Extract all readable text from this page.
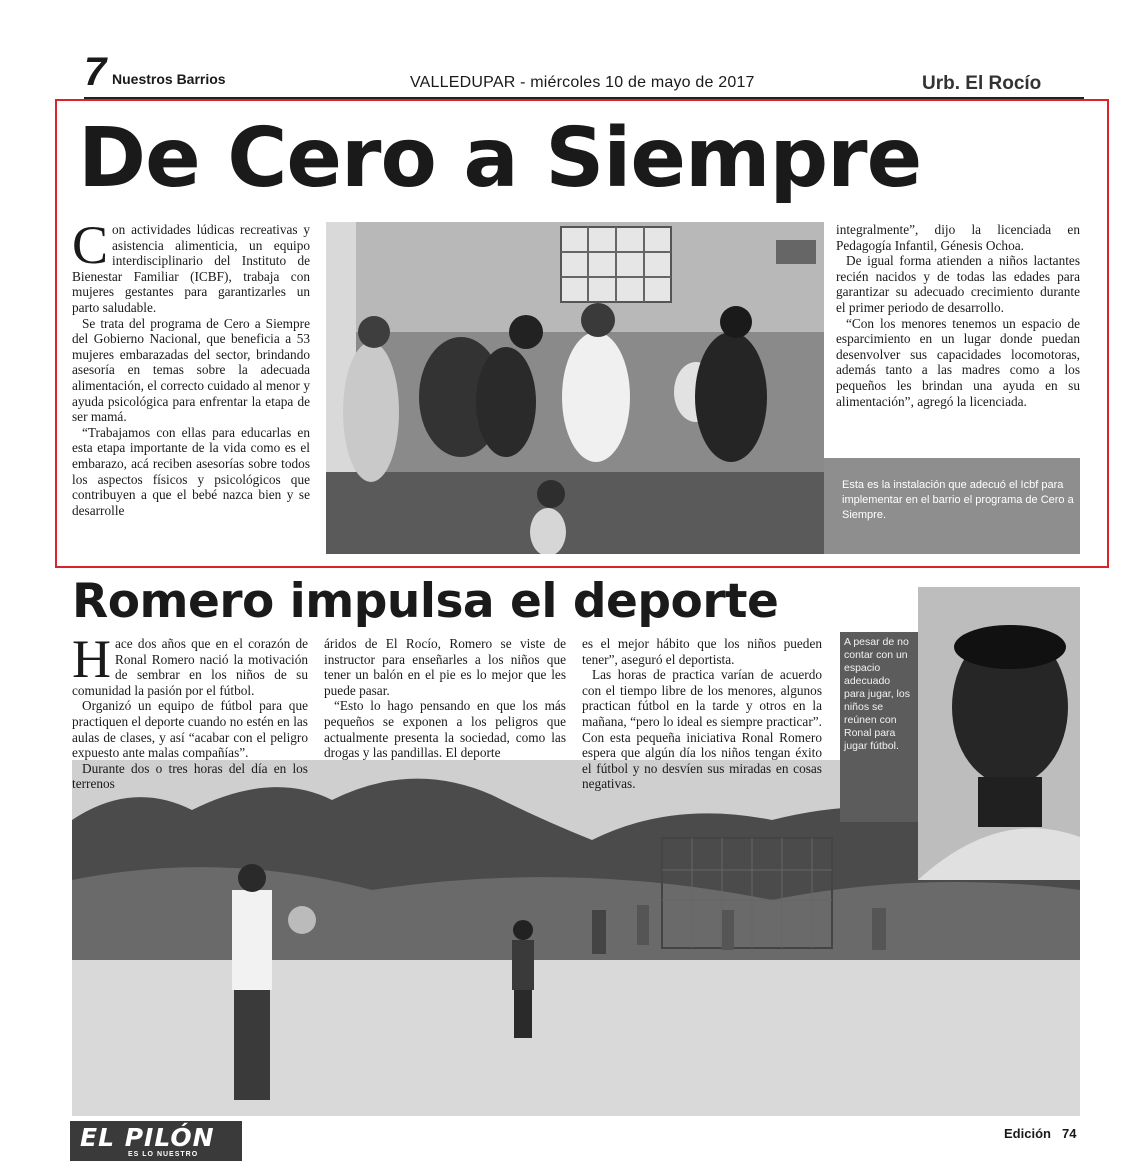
7 Nuestros Barrios	VALLEDUPAR - miércoles 10 de mayo de 2017	Urb. El Rocío
De Cero a Siempre

Con actividades lúdicas recreativas y asistencia alimenticia, un equipo interdisciplinario del Instituto de Bienestar Familiar (ICBF), trabaja con mujeres gestantes para garantizarles un parto saludable.

Se trata del programa de Cero a Siempre del Gobierno Nacional, que beneficia a 53 mujeres embarazadas del sector, brindando asesoría en temas sobre la adecuada alimentación, el correcto cuidado al menor y ayuda psicológica para enfrentar la etapa de ser mamá.

“Trabajamos con ellas para educarlas en esta etapa importante de la vida como es el embarazo, acá reciben asesorías sobre todos los aspectos físicos y psicológicos que contribuyen a que el bebé nazca bien y se desarrolle

integralmente”, dijo la licenciada en Pedagogía Infantil, Génesis Ochoa.

De igual forma atienden a niños lactantes recién nacidos y de todas las edades para garantizar su adecuado crecimiento durante el primer periodo de desarrollo.

“Con los menores tenemos un espacio de esparcimiento en un lugar donde puedan desenvolver sus capacidades locomotoras, además tanto a las madres como a los pequeños les brindan una ayuda en su alimentación”, agregó la licenciada.

Esta es la instalación que adecuó el Icbf para implementar en el barrio el programa de Cero a Siempre.
Romero impulsa el deporte

Hace dos años que en el corazón de Ronal Romero nació la motivación de sembrar en los niños de su comunidad la pasión por el fútbol.

Organizó un equipo de fútbol para que practiquen el deporte cuando no estén en las aulas de clases, y así “acabar con el peligro expuesto ante malas compañías”.

Durante dos o tres horas del día en los terrenos

áridos de El Rocío, Romero se viste de instructor para enseñarles a los niños que tener un balón en el pie es lo mejor que les puede pasar.

“Esto lo hago pensando en que los más pequeños se exponen a los peligros que actualmente presenta la sociedad, como las drogas y las pandillas. El deporte

es el mejor hábito que los niños pueden tener”, aseguró el deportista.

Las horas de practica varían de acuerdo con el tiempo libre de los menores, algunos practican fútbol en la tarde y otros en la mañana, “pero lo ideal es siempre practicar”. Con esta pequeña iniciativa Ronal Romero espera que algún día los niños tengan éxito el fútbol y no desvíen sus miradas en cosas negativas.

A pesar de no contar con un espacio adecuado para jugar, los niños se reúnen con Ronal para jugar fútbol.
EL PILÓN
ES LO NUESTRO
Edición 74
